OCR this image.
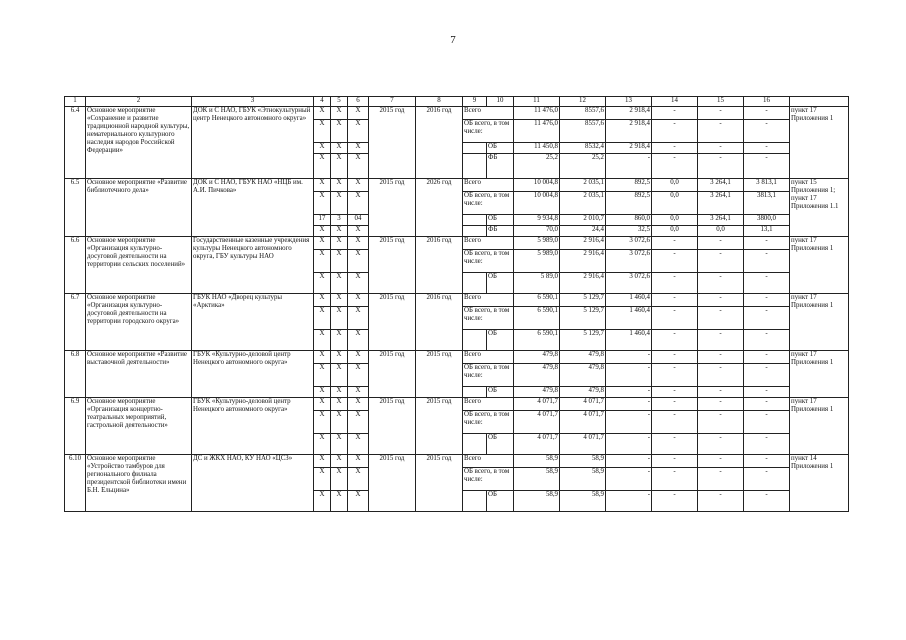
7
1	2	3	4	5	6	7	8	9	10	11	12	13	14	15	16	
6.4	Основное мероприятие «Сохранение и развитие традиционной народной культуры, нематериального культурного наследия народов Российской Федерации»	ДОК и С НАО, ГБУК «Этнокультурный центр Ненецкого автономного округа»	Х	Х	Х	2015 год	2016 год	Всего		11 476,0	8557,6	2 918,4	-	-	-	пункт 17 Приложения 1
			Х	Х	Х			ОБ всего, в том числе:		11 476,0	8557,6	2 918,4	-	-	-	
			Х	Х	Х				ОБ	11 450,8	8532,4	2 918,4	-	-	-	
			Х	Х	Х				ФБ	25,2	25,2	-	-	-	-	
6.5	Основное мероприятие «Развитие библиотечного дела»	ДОК и С НАО, ГБУК НАО «НЦБ им. А.И. Пичкова»	Х	Х	Х	2015 год	2026 год	Всего		10 004,8	2 035,1	892,5	0,0	3 264,1	3 813,1	пункт 15 Приложения 1; пункт 17 Приложения 1.1
			Х	Х	Х			ОБ всего, в том числе:		10 004,8	2 035,1	892,5	0,0	3 264,1	3813,1	
			17	3	04				ОБ	9 934,8	2 010,7	860,0	0,0	3 264,1	3800,0	
			Х	Х	Х				ФБ	70,0	24,4	32,5	0,0	0,0	13,1	
6.6	Основное мероприятие «Организация культурно-досуговой деятельности на территории сельских поселений»	Государственные казенные учреждения культуры Ненецкого автономного округа, ГБУ культуры НАО	Х	Х	Х	2015 год	2016 год	Всего		5 989,0	2 916,4	3 072,6	-	-	-	пункт 17 Приложения 1
			Х	Х	Х			ОБ всего, в том числе:		5 989,0	2 916,4	3 072,6	-	-	-	
			Х	Х	Х				ОБ	5 89,0	2 916,4	3 072,6	-	-	-	
6.7	Основное мероприятие «Организация культурно-досуговой деятельности на территории городского округа»	ГБУК НАО «Дворец культуры «Арктика»	Х	Х	Х	2015 год	2016 год	Всего		6 590,1	5 129,7	1 460,4	-	-	-	пункт 17 Приложения 1
			Х	Х	Х			ОБ всего, в том числе:		6 590,1	5 129,7	1 460,4	-	-	-	
			Х	Х	Х				ОБ	6 590,1	5 129,7	1 460,4	-	-	-	
6.8	Основное мероприятие «Развитие выставочной деятельности»	ГБУК «Культурно-деловой центр Ненецкого автономного округа»	Х	Х	Х	2015 год	2015 год	Всего		479,8	479,8	-	-	-	-	пункт 17 Приложения 1
			Х	Х	Х			ОБ всего, в том числе:		479,8	479,8	-	-	-	-	
			Х	Х	Х				ОБ	479,8	479,8	-	-	-	-	
6.9	Основное мероприятие «Организация концертно-театральных мероприятий, гастрольной деятельности»	ГБУК «Культурно-деловой центр Ненецкого автономного округа»	Х	Х	Х	2015 год	2015 год	Всего		4 071,7	4 071,7	-	-	-	-	пункт 17 Приложения 1
			Х	Х	Х			ОБ всего, в том числе:		4 071,7	4 071,7	-	-	-	-	
			Х	Х	Х				ОБ	4 071,7	4 071,7	-	-	-	-	
6.10	Основное мероприятие «Устройство тамбуров для регионального филиала президентской библиотеки имени Б.Н. Ельцина»	ДС и ЖКХ НАО, КУ НАО «ЦСЗ»	Х	Х	Х	2015 год	2015 год	Всего		58,9	58,9	-	-	-	-	пункт 14 Приложения 1
			Х	Х	Х			ОБ всего, в том числе:		58,9	58,9	-	-	-	-	
			Х	Х	Х				ОБ	58,9	58,9	-	-	-	-	
